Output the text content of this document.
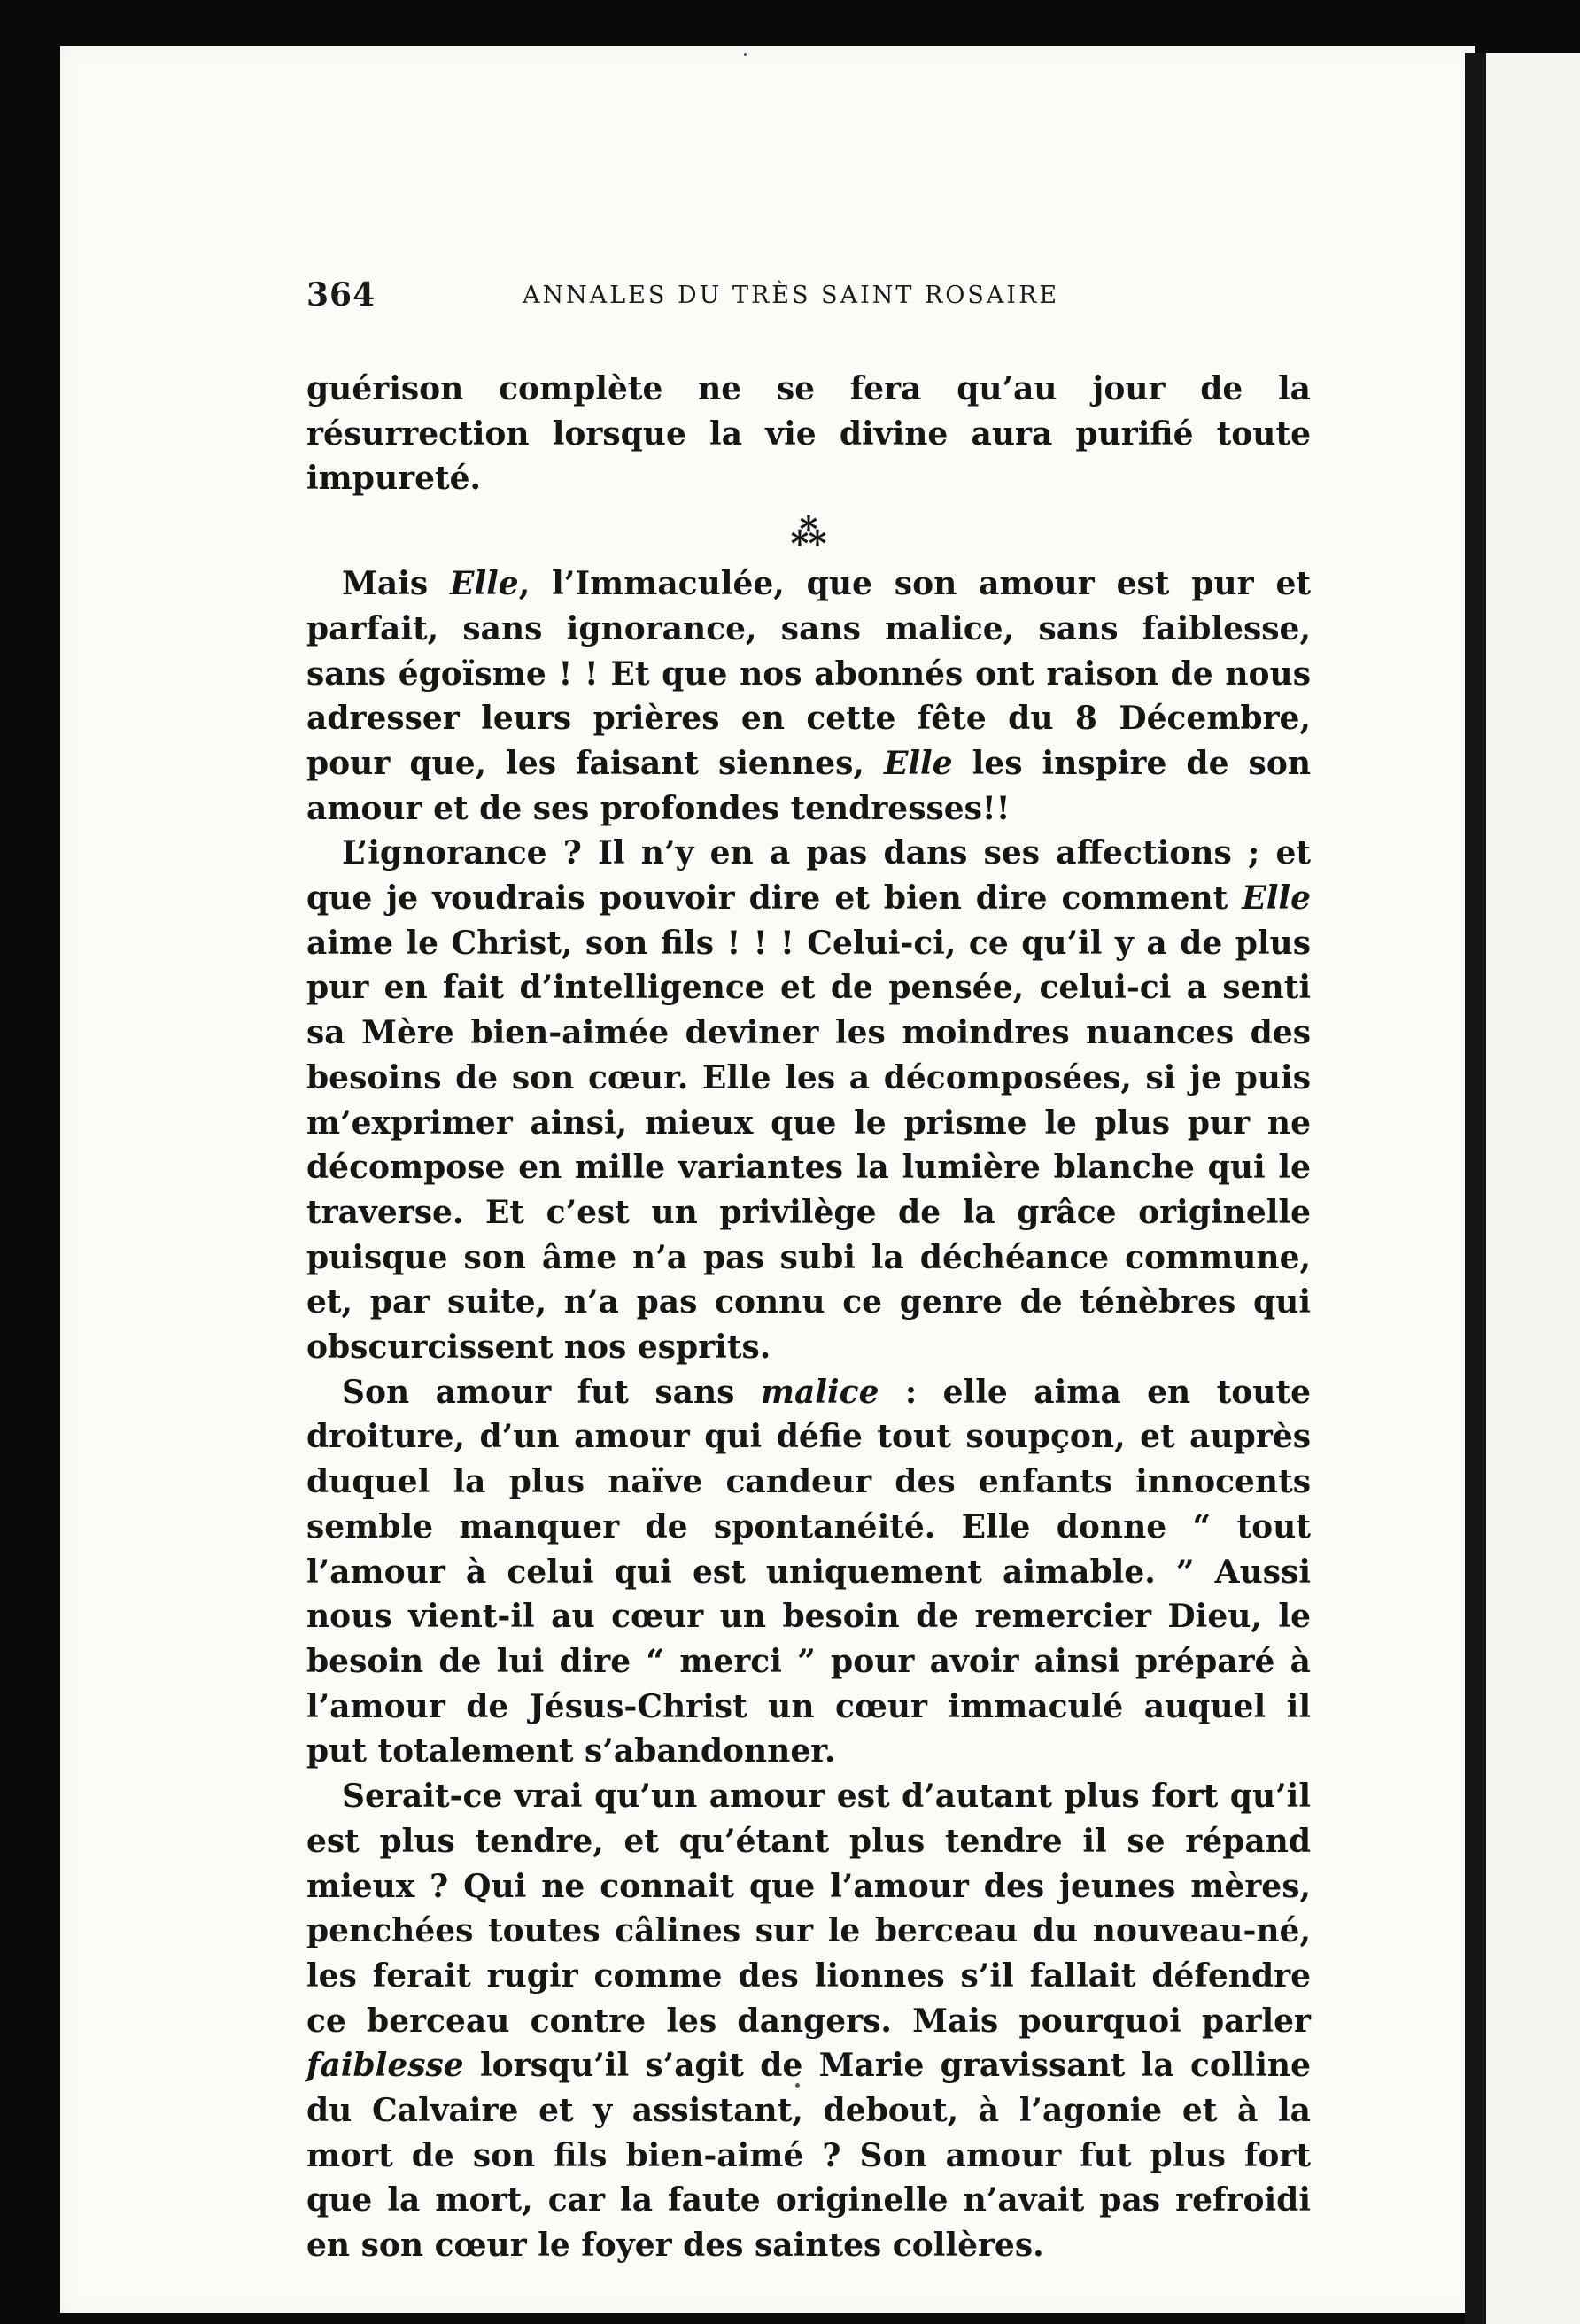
364	ANNALES DU TRÈS SAINT ROSAIRE

guérison complète ne se fera qu’au jour de la résurrection lorsque la vie divine aura purifié toute impureté.

⁂

Mais Elle, l’Immaculée, que son amour est pur et parfait, sans ignorance, sans malice, sans faiblesse, sans égoïsme ! ! Et que nos abonnés ont raison de nous adresser leurs prières en cette fête du 8 Décembre, pour que, les faisant siennes, Elle les inspire de son amour et de ses profondes tendresses!!

L’ignorance ? Il n’y en a pas dans ses affections ; et que je voudrais pouvoir dire et bien dire comment Elle aime le Christ, son fils ! ! ! Celui-ci, ce qu’il y a de plus pur en fait d’intelligence et de pensée, celui-ci a senti sa Mère bien-aimée deviner les moindres nuances des besoins de son cœur. Elle les a décomposées, si je puis m’exprimer ainsi, mieux que le prisme le plus pur ne décompose en mille variantes la lumière blanche qui le traverse. Et c’est un privilège de la grâce originelle puisque son âme n’a pas subi la déchéance commune, et, par suite, n’a pas connu ce genre de ténèbres qui obscurcissent nos esprits.

Son amour fut sans malice : elle aima en toute droiture, d’un amour qui défie tout soupçon, et auprès duquel la plus naïve candeur des enfants innocents semble manquer de spontanéité. Elle donne “ tout l’amour à celui qui est uniquement aimable. ” Aussi nous vient-il au cœur un besoin de remercier Dieu, le besoin de lui dire “ merci ” pour avoir ainsi préparé à l’amour de Jésus-Christ un cœur immaculé auquel il put totalement s’abandonner.

Serait-ce vrai qu’un amour est d’autant plus fort qu’il est plus tendre, et qu’étant plus tendre il se répand mieux ? Qui ne connait que l’amour des jeunes mères, penchées toutes câlines sur le berceau du nouveau-né, les ferait rugir comme des lionnes s’il fallait défendre ce berceau contre les dangers. Mais pourquoi parler faiblesse lorsqu’il s’agit de Marie gravissant la colline du Calvaire et y assistant, debout, à l’agonie et à la mort de son fils bien-aimé ? Son amour fut plus fort que la mort, car la faute originelle n’avait pas refroidi en son cœur le foyer des saintes collères.
